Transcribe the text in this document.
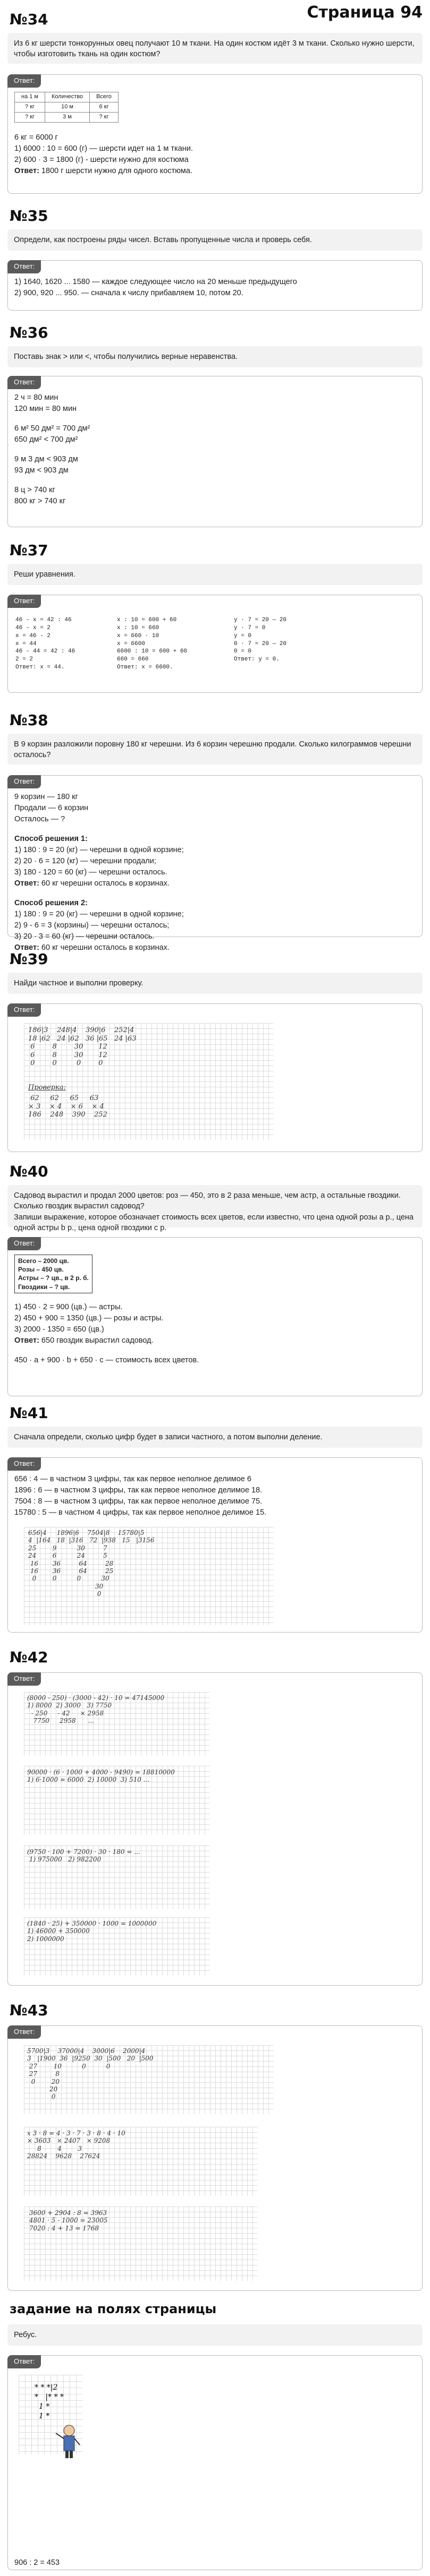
Страница 94
№34
Из 6 кг шерсти тонкорунных овец получают 10 м ткани. На один костюм идёт 3 м ткани. Сколько нужно шерсти, чтобы изготовить ткань на один костюм?
Ответ:
на 1 м	Количество	Всего
? кг	10 м	6 кг
? кг	3 м	? кг
6 кг = 6000 г
1) 6000 : 10 = 600 (г) — шерсти идет на 1 м ткани.
2) 600 · 3 = 1800 (г) - шерсти нужно для костюма
Ответ: 1800 г шерсти нужно для одного костюма.
№35
Определи, как построены ряды чисел. Вставь пропущенные числа и проверь себя.
Ответ:
1) 1640, 1620 ... 1580 — каждое следующее число на 20 меньше предыдущего
2) 900, 920 ... 950. — сначала к числу прибавляем 10, потом 20.
№36
Поставь знак > или <, чтобы получились верные неравенства.
Ответ:
2 ч = 80 мин
120 мин = 80 мин
6 м² 50 дм² = 700 дм²
650 дм² < 700 дм²
9 м 3 дм < 903 дм
93 дм < 903 дм
8 ц > 740 кг
800 кг > 740 кг
№37
Реши уравнения.
Ответ:
46 - x = 42 : 46
46 - x = 2
x = 46 - 2
x = 44
46 - 44 = 42 : 46
2 = 2
Ответ: x = 44.
x : 10 = 600 + 60
x : 10 = 660
x = 660 · 10
x = 6600
6600 : 10 = 600 + 60
660 = 660
Ответ: x = 6600.
y · 7 = 20 — 20
y · 7 = 0
y = 0
0 · 7 = 20 — 20
0 = 0
Ответ: y = 0.
№38
В 9 корзин разложили поровну 180 кг черешни. Из 6 корзин черешню продали. Сколько килограммов черешни осталось?
Ответ:
9 корзин — 180 кг
Продали — 6 корзин
Осталось — ?
Способ решения 1:
1) 180 : 9 = 20 (кг) — черешни в одной корзине;
2) 20 · 6 = 120 (кг) — черешни продали;
3) 180 - 120 = 60 (кг) — черешни осталось.
Ответ: 60 кг черешни осталось в корзинах.
Способ решения 2:
1) 180 : 9 = 20 (кг) — черешни в одной корзине;
2) 9 - 6 = 3 (корзины) — черешни осталось;
3) 20 · 3 = 60 (кг) — черешни осталось.
Ответ: 60 кг черешни осталось в корзинах.
№39
Найди частное и выполни проверку.
Ответ:
186|3    248|4    390|6    252|4
18 |62   24 |62   36 |65   24 |63
6        8        30       12
6        8        30       12
0        0         0        0
Проверка:
62     62     65     63
× 3    × 4    × 6    × 4
186    248    390    252
№40
Садовод вырастил и продал 2000 цветов: роз — 450, это в 2 раза меньше, чем астр, а остальные гвоздики. Сколько гвоздик вырастил садовод?
Запиши выражение, которое обозначает стоимость всех цветов, если известно, что цена одной розы а р., цена одной астры b р., цена одной гвоздики с р.
Ответ:
Всего – 2000 цв.
Розы – 450 цв.
Астры – ? цв., в 2 р. б.
Гвоздики – ? цв.
1) 450 · 2 = 900 (цв.) — астры.
2) 450 + 900 = 1350 (цв.) — розы и астры.
3) 2000 - 1350 = 650 (цв.)
Ответ: 650 гвоздик вырастил садовод.
450 · а + 900 · b + 650 · с — стоимость всех цветов.
№41
Сначала определи, сколько цифр будет в записи частного, а потом выполни деление.
Ответ:
656 : 4 — в частном 3 цифры, так как первое неполное делимое 6
1896 : 6 — в частном 3 цифры, так как первое неполное делимое 18.
7504 : 8 — в частном 3 цифры, так как первое неполное делимое 75.
15780 : 5 — в частном 4 цифры, так как первое неполное делимое 15.
656|4     1896|6    7504|8    15780|5
4  |164   18  |316   72  |938   15   |3156
25        9          30         7
24        6          24         5
16       36         64         28
16       36         64         25
0        0          0          30
30
0
№42
Ответ:
(8000 - 250) · (3000 - 42) · 10 = 47145000
1) 8000  2) 3000   3) 7750
- 250     - 42     × 2958
7750     2958      ...
90000 · (6 · 1000 + 4000 - 9490) = 18810000
1) 6·1000 = 6000  2) 10000  3) 510 ...
(9750 · 100 + 7200) · 30 · 180 = ...
1) 975000   2) 982200

(1840 · 25) + 350000 · 1000 = 1000000
1) 46000 + 350000
2) 1000000
№43
Ответ:
5700|3    37000|4    3000|6    2000|4
3   |1900  36  |9250  30  |500   20  |500
27        10          0          0
27         8
0        20
20
0
x 3 · 8 = 4 · 3 · 7 · 3 · 8 · 4 · 10
× 3603   × 2407   × 9208
8        4        3
28824    9628    27624
3600 + 2904 : 8 = 3963
4801 · 5 - 1000 = 23005
7020 : 4 + 13 = 1768
задание на полях страницы
Ребус.
Ответ:
* * *|2
*   |* * *
1 *
1 *
906 : 2 = 453
